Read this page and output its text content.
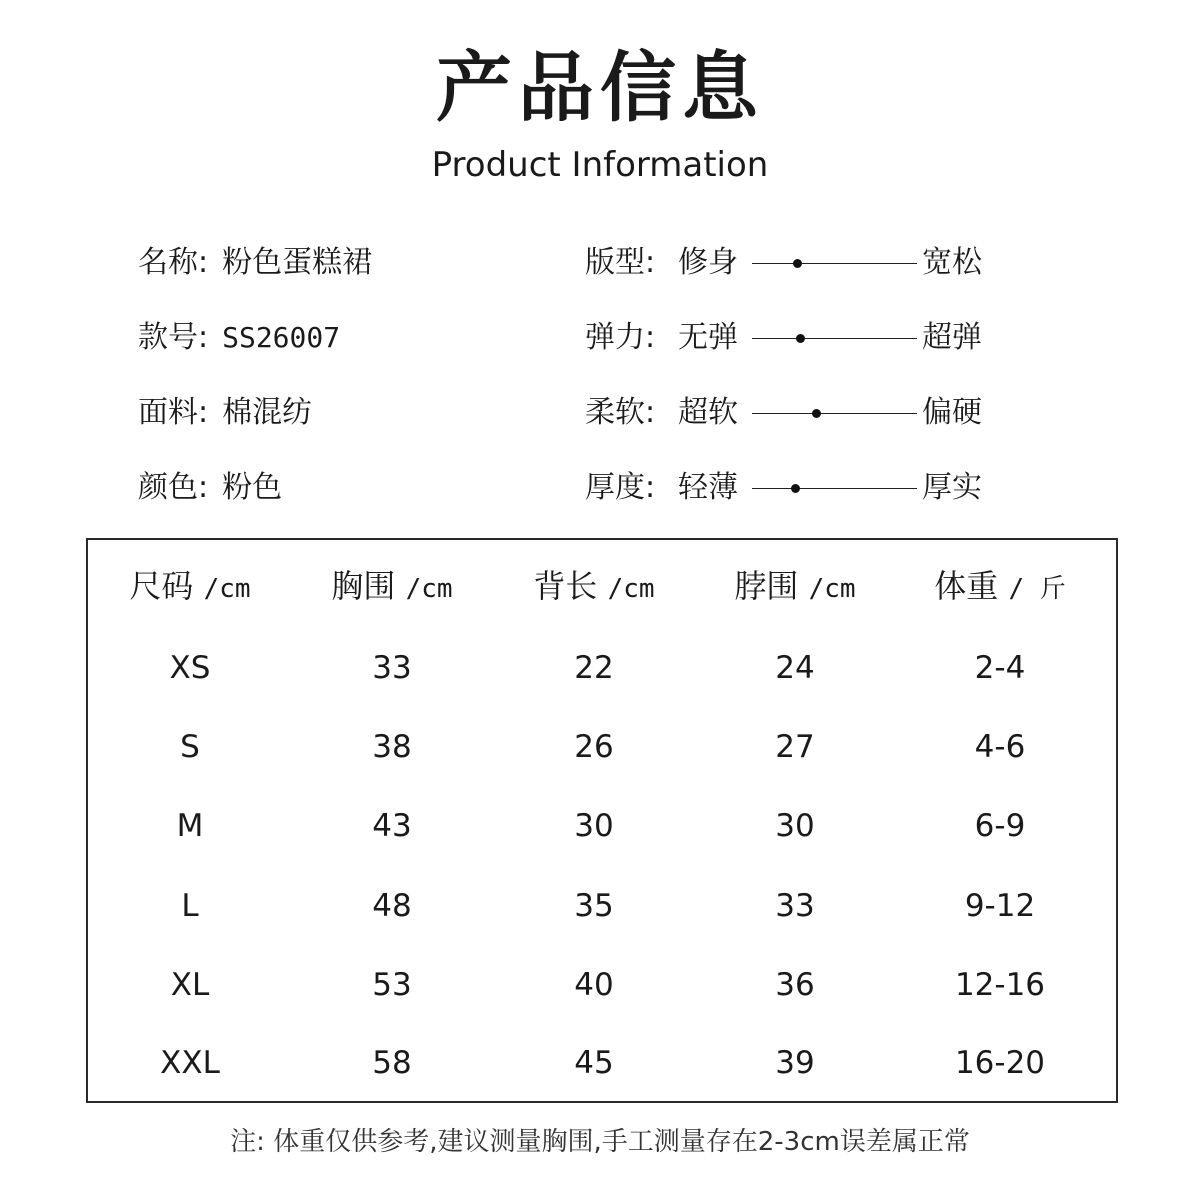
产品信息
Product Information
名称: 粉色蛋糕裙
款号: SS26007
面料: 棉混纺
颜色: 粉色
版型: 修身	宽松
弹力: 无弹	超弹
柔软: 超软	偏硬
厚度: 轻薄	厚实
尺码 /cm	胸围 /cm	背长 /cm	脖围 /cm	体重 / 斤
XS	33	22	24	2-4
S	38	26	27	4-6
M	43	30	30	6-9
L	48	35	33	9-12
XL	53	40	36	12-16
XXL	58	45	39	16-20
注: 体重仅供参考,建议测量胸围,手工测量存在2-3cm误差属正常
